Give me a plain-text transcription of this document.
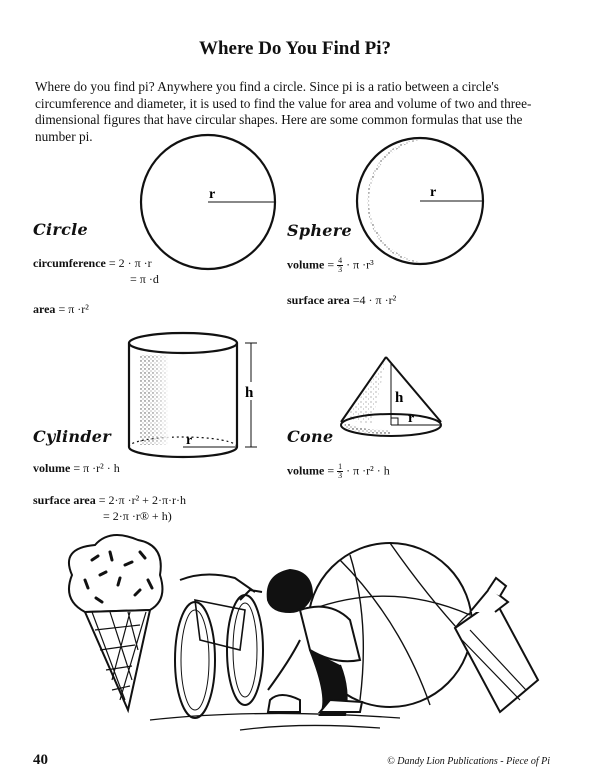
Where Do You Find Pi?
Where do you find pi? Anywhere you find a circle. Since pi is a ratio between a circle's circumference and diameter, it is used to find the value for area and volume of two and three-dimensional figures that have circular shapes. Here are some common formulas that use the number pi.
r	r
r
h	h
r
Circle
circumference = 2 · π ·r
= π ·d
area = π ·r²
Sphere
volume = $\frac{4}{3} \cdot \pi \cdot r^3$
surface area =4 · π ·r²
Cylinder
volume = π ·r² · h
surface area = 2·π ·r² + 2·π·r·h
= 2·π ·r® + h)
Cone
volume = $\frac{1}{3} \cdot \pi \cdot r^2 \cdot h$
40	© Dandy Lion Publications - Piece of Pi
